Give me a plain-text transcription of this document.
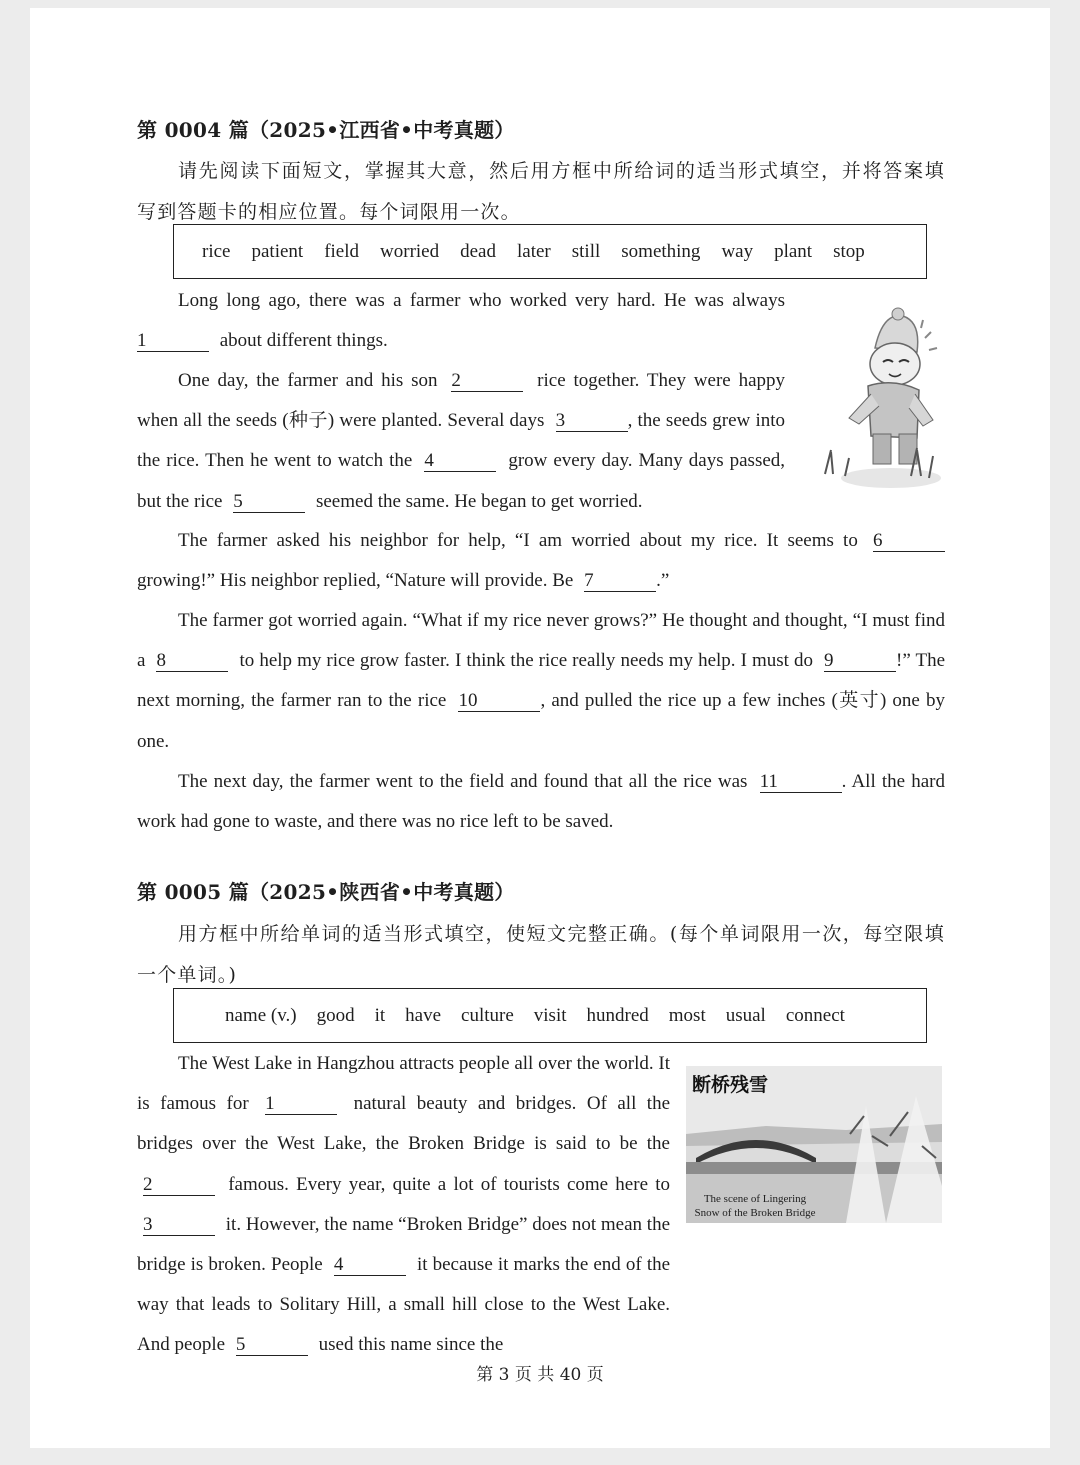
第 0004 篇（2025•江西省•中考真题）
请先阅读下面短文，掌握其大意，然后用方框中所给词的适当形式填空，并将答案填写到答题卡的相应位置。每个词限用一次。
rice patient field worried dead later still something way plant stop
Long long ago, there was a farmer who worked very hard. He was always 1	about different things.
One day, the farmer and his son 2	rice together. They were happy when all the seeds (种子) were planted. Several days 3	, the seeds grew into the rice. Then he went to watch the 4	grow every day. Many days passed, but the rice 5	seemed the same. He began to get worried.
The farmer asked his neighbor for help, “I am worried about my rice. It seems to 6 growing!” His neighbor replied, “Nature will provide. Be 7	.”
The farmer got worried again. “What if my rice never grows?” He thought and thought, “I must find a 8	to help my rice grow faster. I think the rice really needs my help. I must do 9	!” The next morning, the farmer ran to the rice 10	, and pulled the rice up a few inches (英寸) one by one.
The next day, the farmer went to the field and found that all the rice was 11	. All the hard work had gone to waste, and there was no rice left to be saved.
第 0005 篇（2025•陕西省•中考真题）
用方框中所给单词的适当形式填空，使短文完整正确。(每个单词限用一次，每空限填一个单词。)
name (v.) good it have culture visit hundred most usual connect
The West Lake in Hangzhou attracts people all over the world. It is famous for 1	natural beauty and bridges. Of all the bridges over the West Lake, the Broken Bridge is said to be the 2	famous. Every year, quite a lot of tourists come here to 3	it. However, the name “Broken Bridge” does not mean the bridge is broken. People 4	it because it marks the end of the way that leads to Solitary Hill, a small hill close to the West Lake. And people 5	used this name since the
断桥残雪
The scene of Lingering
Snow of the Broken Bridge
第 3 页 共 40 页
